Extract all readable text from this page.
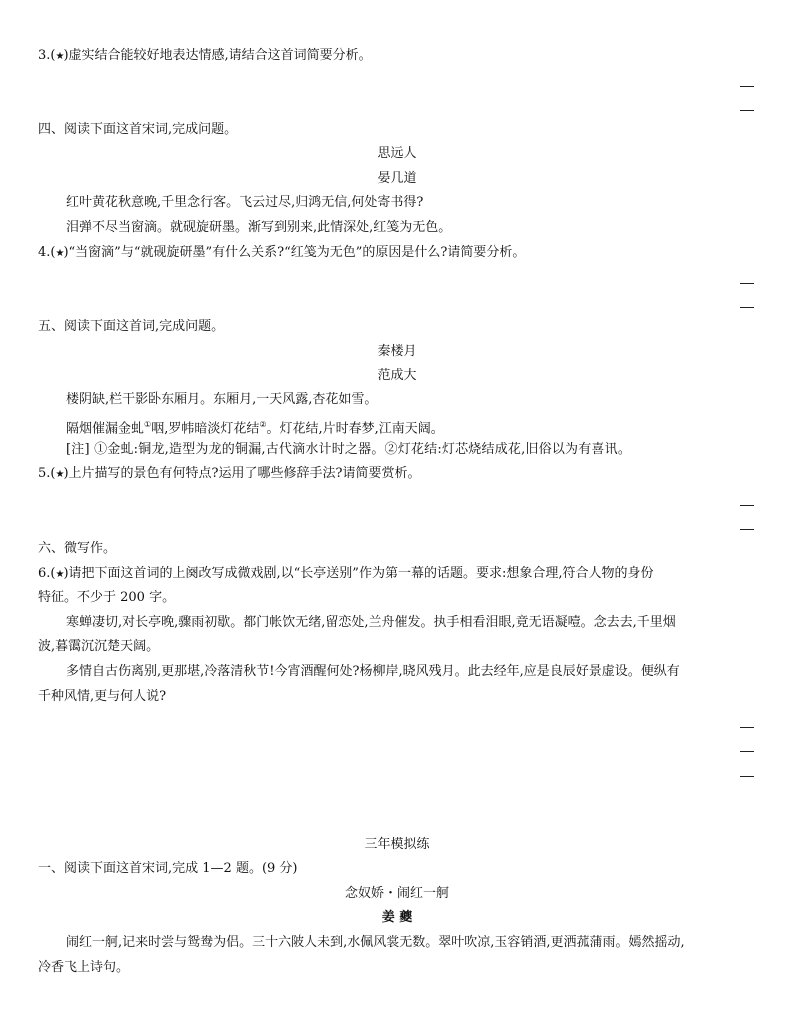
3.(★)虚实结合能较好地表达情感,请结合这首词简要分析。
四、阅读下面这首宋词,完成问题。
思远人
晏几道
红叶黄花秋意晚,千里念行客。飞云过尽,归鸿无信,何处寄书得?
泪弹不尽当窗滴。就砚旋研墨。渐写到别来,此情深处,红笺为无色。
4.(★)“当窗滴”与“就砚旋研墨”有什么关系?“红笺为无色”的原因是什么?请简要分析。
五、阅读下面这首词,完成问题。
秦楼月
范成大
楼阴缺,栏干影卧东厢月。东厢月,一天风露,杏花如雪。
隔烟催漏金虬①咽,罗帏暗淡灯花结②。灯花结,片时春梦,江南天阔。
[注] ①金虬:铜龙,造型为龙的铜漏,古代滴水计时之器。②灯花结:灯芯烧结成花,旧俗以为有喜讯。
5.(★)上片描写的景色有何特点?运用了哪些修辞手法?请简要赏析。
六、微写作。
6.(★)请把下面这首词的上阕改写成微戏剧,以“长亭送别”作为第一幕的话题。要求:想象合理,符合人物的身份
特征。不少于 200 字。
寒蝉凄切,对长亭晚,骤雨初歇。都门帐饮无绪,留恋处,兰舟催发。执手相看泪眼,竟无语凝噎。念去去,千里烟
波,暮霭沉沉楚天阔。
多情自古伤离别,更那堪,冷落清秋节!今宵酒醒何处?杨柳岸,晓风残月。此去经年,应是良辰好景虚设。便纵有
千种风情,更与何人说?
三年模拟练
一、阅读下面这首宋词,完成 1—2 题。(9 分)
念奴娇・闹红一舸
姜 夔
闹红一舸,记来时尝与鸳鸯为侣。三十六陂人未到,水佩风裳无数。翠叶吹凉,玉容销酒,更洒菰蒲雨。嫣然摇动,
冷香飞上诗句。
